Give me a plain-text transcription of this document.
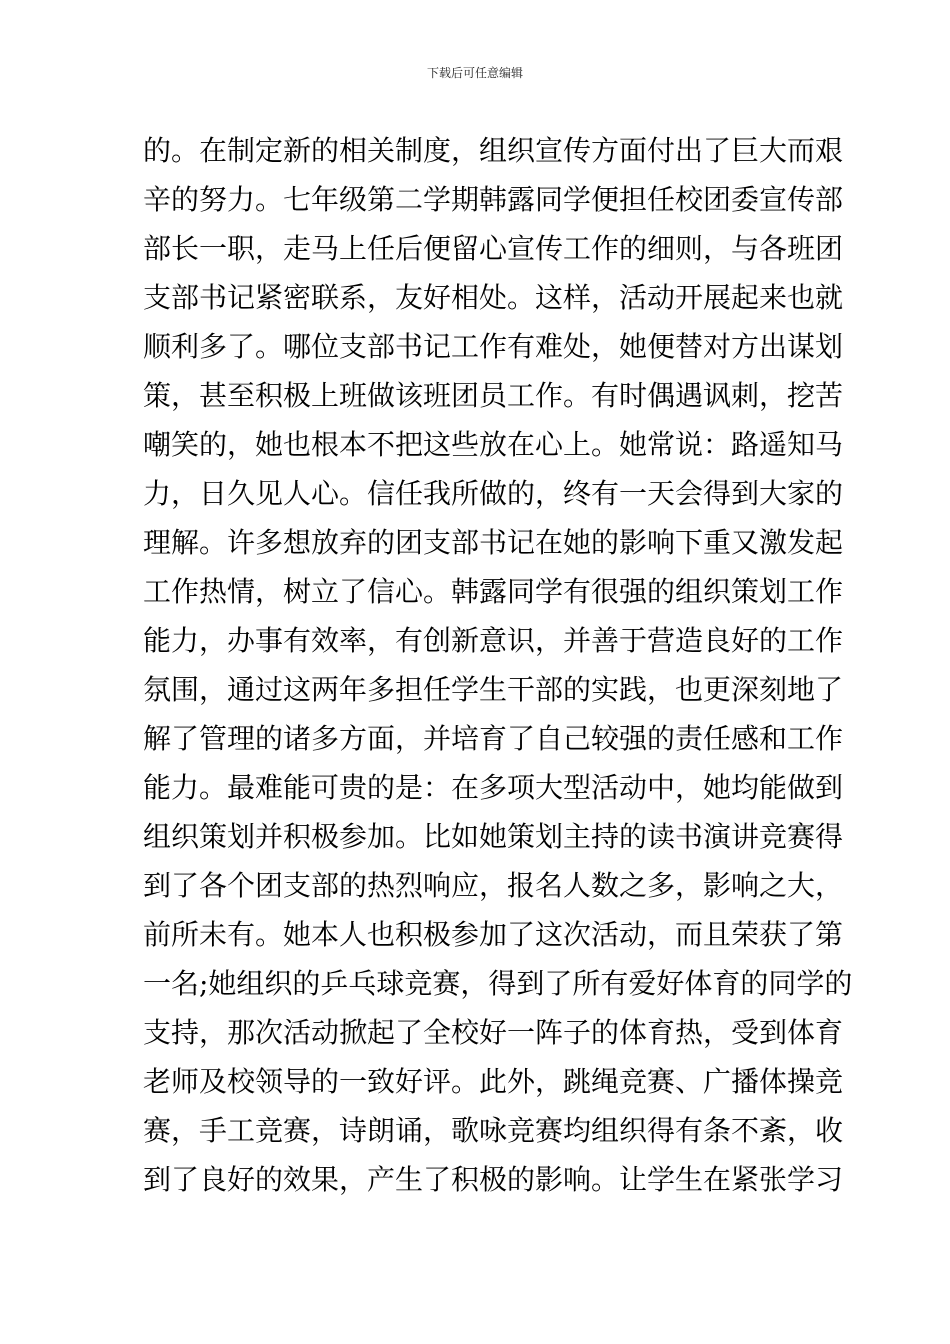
下载后可任意编辑
的。在制定新的相关制度，组织宣传方面付出了巨大而艰
辛的努力。七年级第二学期韩露同学便担任校团委宣传部
部长一职，走马上任后便留心宣传工作的细则，与各班团
支部书记紧密联系，友好相处。这样，活动开展起来也就
顺利多了。哪位支部书记工作有难处，她便替对方出谋划
策，甚至积极上班做该班团员工作。有时偶遇讽刺，挖苦
嘲笑的，她也根本不把这些放在心上。她常说：路遥知马
力，日久见人心。信任我所做的，终有一天会得到大家的
理解。许多想放弃的团支部书记在她的影响下重又激发起
工作热情，树立了信心。韩露同学有很强的组织策划工作
能力，办事有效率，有创新意识，并善于营造良好的工作
氛围，通过这两年多担任学生干部的实践，也更深刻地了
解了管理的诸多方面，并培育了自己较强的责任感和工作
能力。最难能可贵的是：在多项大型活动中，她均能做到
组织策划并积极参加。比如她策划主持的读书演讲竞赛得
到了各个团支部的热烈响应，报名人数之多，影响之大，
前所未有。她本人也积极参加了这次活动，而且荣获了第
一名;她组织的乒乓球竞赛，得到了所有爱好体育的同学的
支持，那次活动掀起了全校好一阵子的体育热，受到体育
老师及校领导的一致好评。此外，跳绳竞赛、广播体操竞
赛，手工竞赛，诗朗诵，歌咏竞赛均组织得有条不紊，收
到了良好的效果，产生了积极的影响。让学生在紧张学习
